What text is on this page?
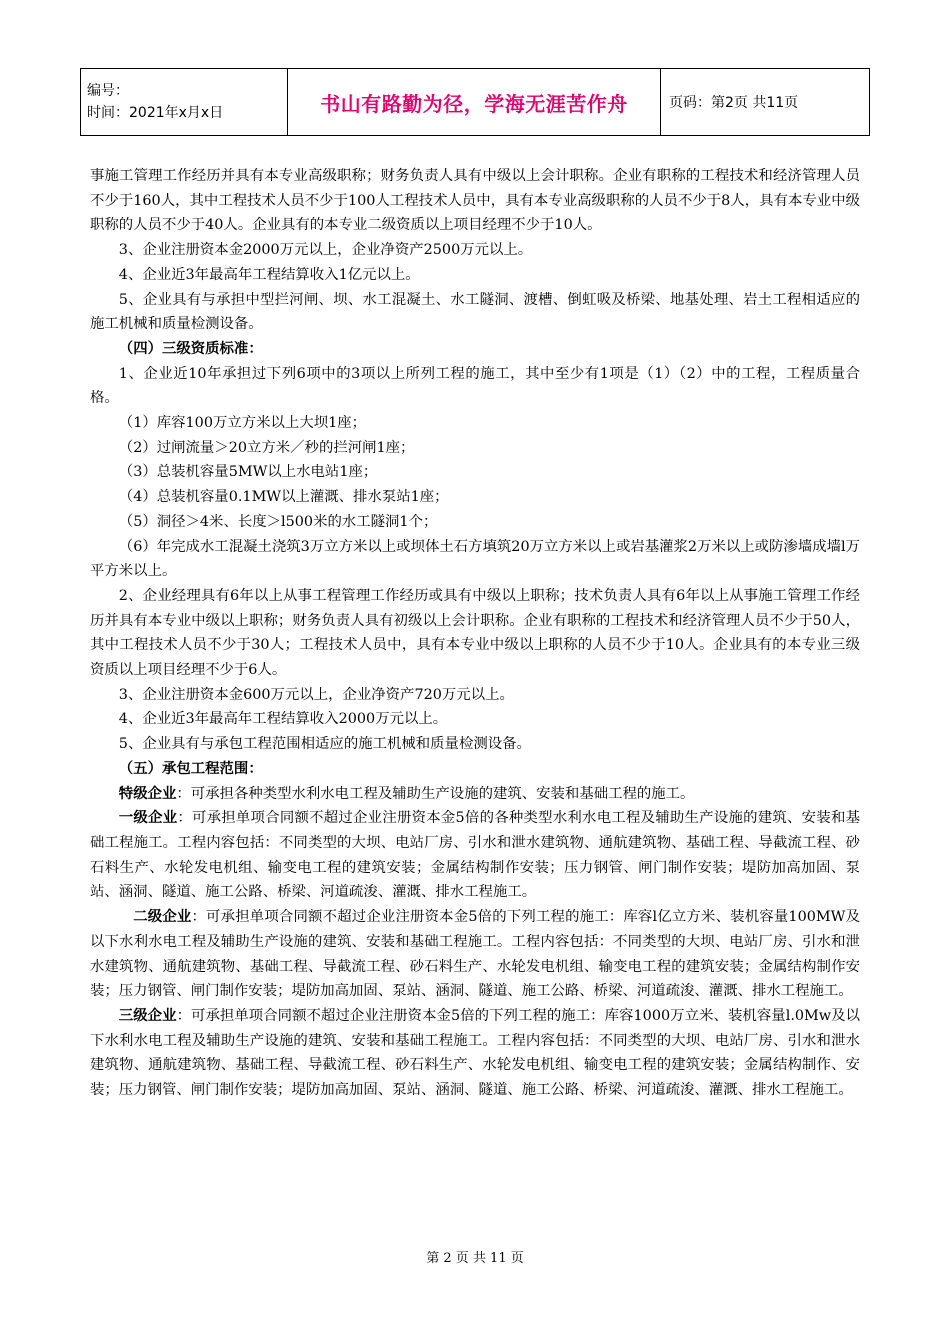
编号：
时间：2021年x月x日	书山有路勤为径，学海无涯苦作舟	页码：第2页 共11页

事施工管理工作经历并具有本专业高级职称；财务负责人具有中级以上会计职称。企业有职称的工程技术和经济管理人员不少于160人，其中工程技术人员不少于100人工程技术人员中，具有本专业高级职称的人员不少于8人，具有本专业中级职称的人员不少于40人。企业具有的本专业二级资质以上项目经理不少于10人。

3、企业注册资本金2000万元以上，企业净资产2500万元以上。

4、企业近3年最高年工程结算收入1亿元以上。

5、企业具有与承担中型拦河闸、坝、水工混凝土、水工隧洞、渡槽、倒虹吸及桥梁、地基处理、岩土工程相适应的施工机械和质量检测设备。

（四）三级资质标准：

1、企业近10年承担过下列6项中的3项以上所列工程的施工，其中至少有1项是（1）（2）中的工程，工程质量合格。

（1）库容100万立方米以上大坝1座；

（2）过闸流量＞20立方米／秒的拦河闸1座；

（3）总装机容量5MW以上水电站1座；

（4）总装机容量0.1MW以上灌溉、排水泵站1座；

（5）洞径＞4米、长度＞l500米的水工隧洞1个；

（6）年完成水工混凝土浇筑3万立方米以上或坝体土石方填筑20万立方米以上或岩基灌浆2万米以上或防渗墙成墙l万平方米以上。

2、企业经理具有6年以上从事工程管理工作经历或具有中级以上职称；技术负责人具有6年以上从事施工管理工作经历并具有本专业中级以上职称；财务负责人具有初级以上会计职称。企业有职称的工程技术和经济管理人员不少于50人，其中工程技术人员不少于30人；工程技术人员中，具有本专业中级以上职称的人员不少于10人。企业具有的本专业三级资质以上项目经理不少于6人。

3、企业注册资本金600万元以上，企业净资产720万元以上。

4、企业近3年最高年工程结算收入2000万元以上。

5、企业具有与承包工程范围相适应的施工机械和质量检测设备。

（五）承包工程范围：

特级企业：可承担各种类型水利水电工程及辅助生产设施的建筑、安装和基础工程的施工。

一级企业：可承担单项合同额不超过企业注册资本金5倍的各种类型水利水电工程及辅助生产设施的建筑、安装和基础工程施工。工程内容包括：不同类型的大坝、电站厂房、引水和泄水建筑物、通航建筑物、基础工程、导截流工程、砂石料生产、水轮发电机组、输变电工程的建筑安装；金属结构制作安装；压力钢管、闸门制作安装；堤防加高加固、泵站、涵洞、隧道、施工公路、桥梁、河道疏浚、灌溉、排水工程施工。

二级企业：可承担单项合同额不超过企业注册资本金5倍的下列工程的施工：库容l亿立方米、装机容量100MW及以下水利水电工程及辅助生产设施的建筑、安装和基础工程施工。工程内容包括：不同类型的大坝、电站厂房、引水和泄水建筑物、通航建筑物、基础工程、导截流工程、砂石料生产、水轮发电机组、输变电工程的建筑安装；金属结构制作安装；压力钢管、闸门制作安装；堤防加高加固、泵站、涵洞、隧道、施工公路、桥梁、河道疏浚、灌溉、排水工程施工。

三级企业：可承担单项合同额不超过企业注册资本金5倍的下列工程的施工：库容1000万立米、装机容量l.0Mw及以下水利水电工程及辅助生产设施的建筑、安装和基础工程施工。工程内容包括：不同类型的大坝、电站厂房、引水和泄水建筑物、通航建筑物、基础工程、导截流工程、砂石料生产、水轮发电机组、输变电工程的建筑安装；金属结构制作、安装；压力钢管、闸门制作安装；堤防加高加固、泵站、涵洞、隧道、施工公路、桥梁、河道疏浚、灌溉、排水工程施工。

第 2 页 共 11 页
